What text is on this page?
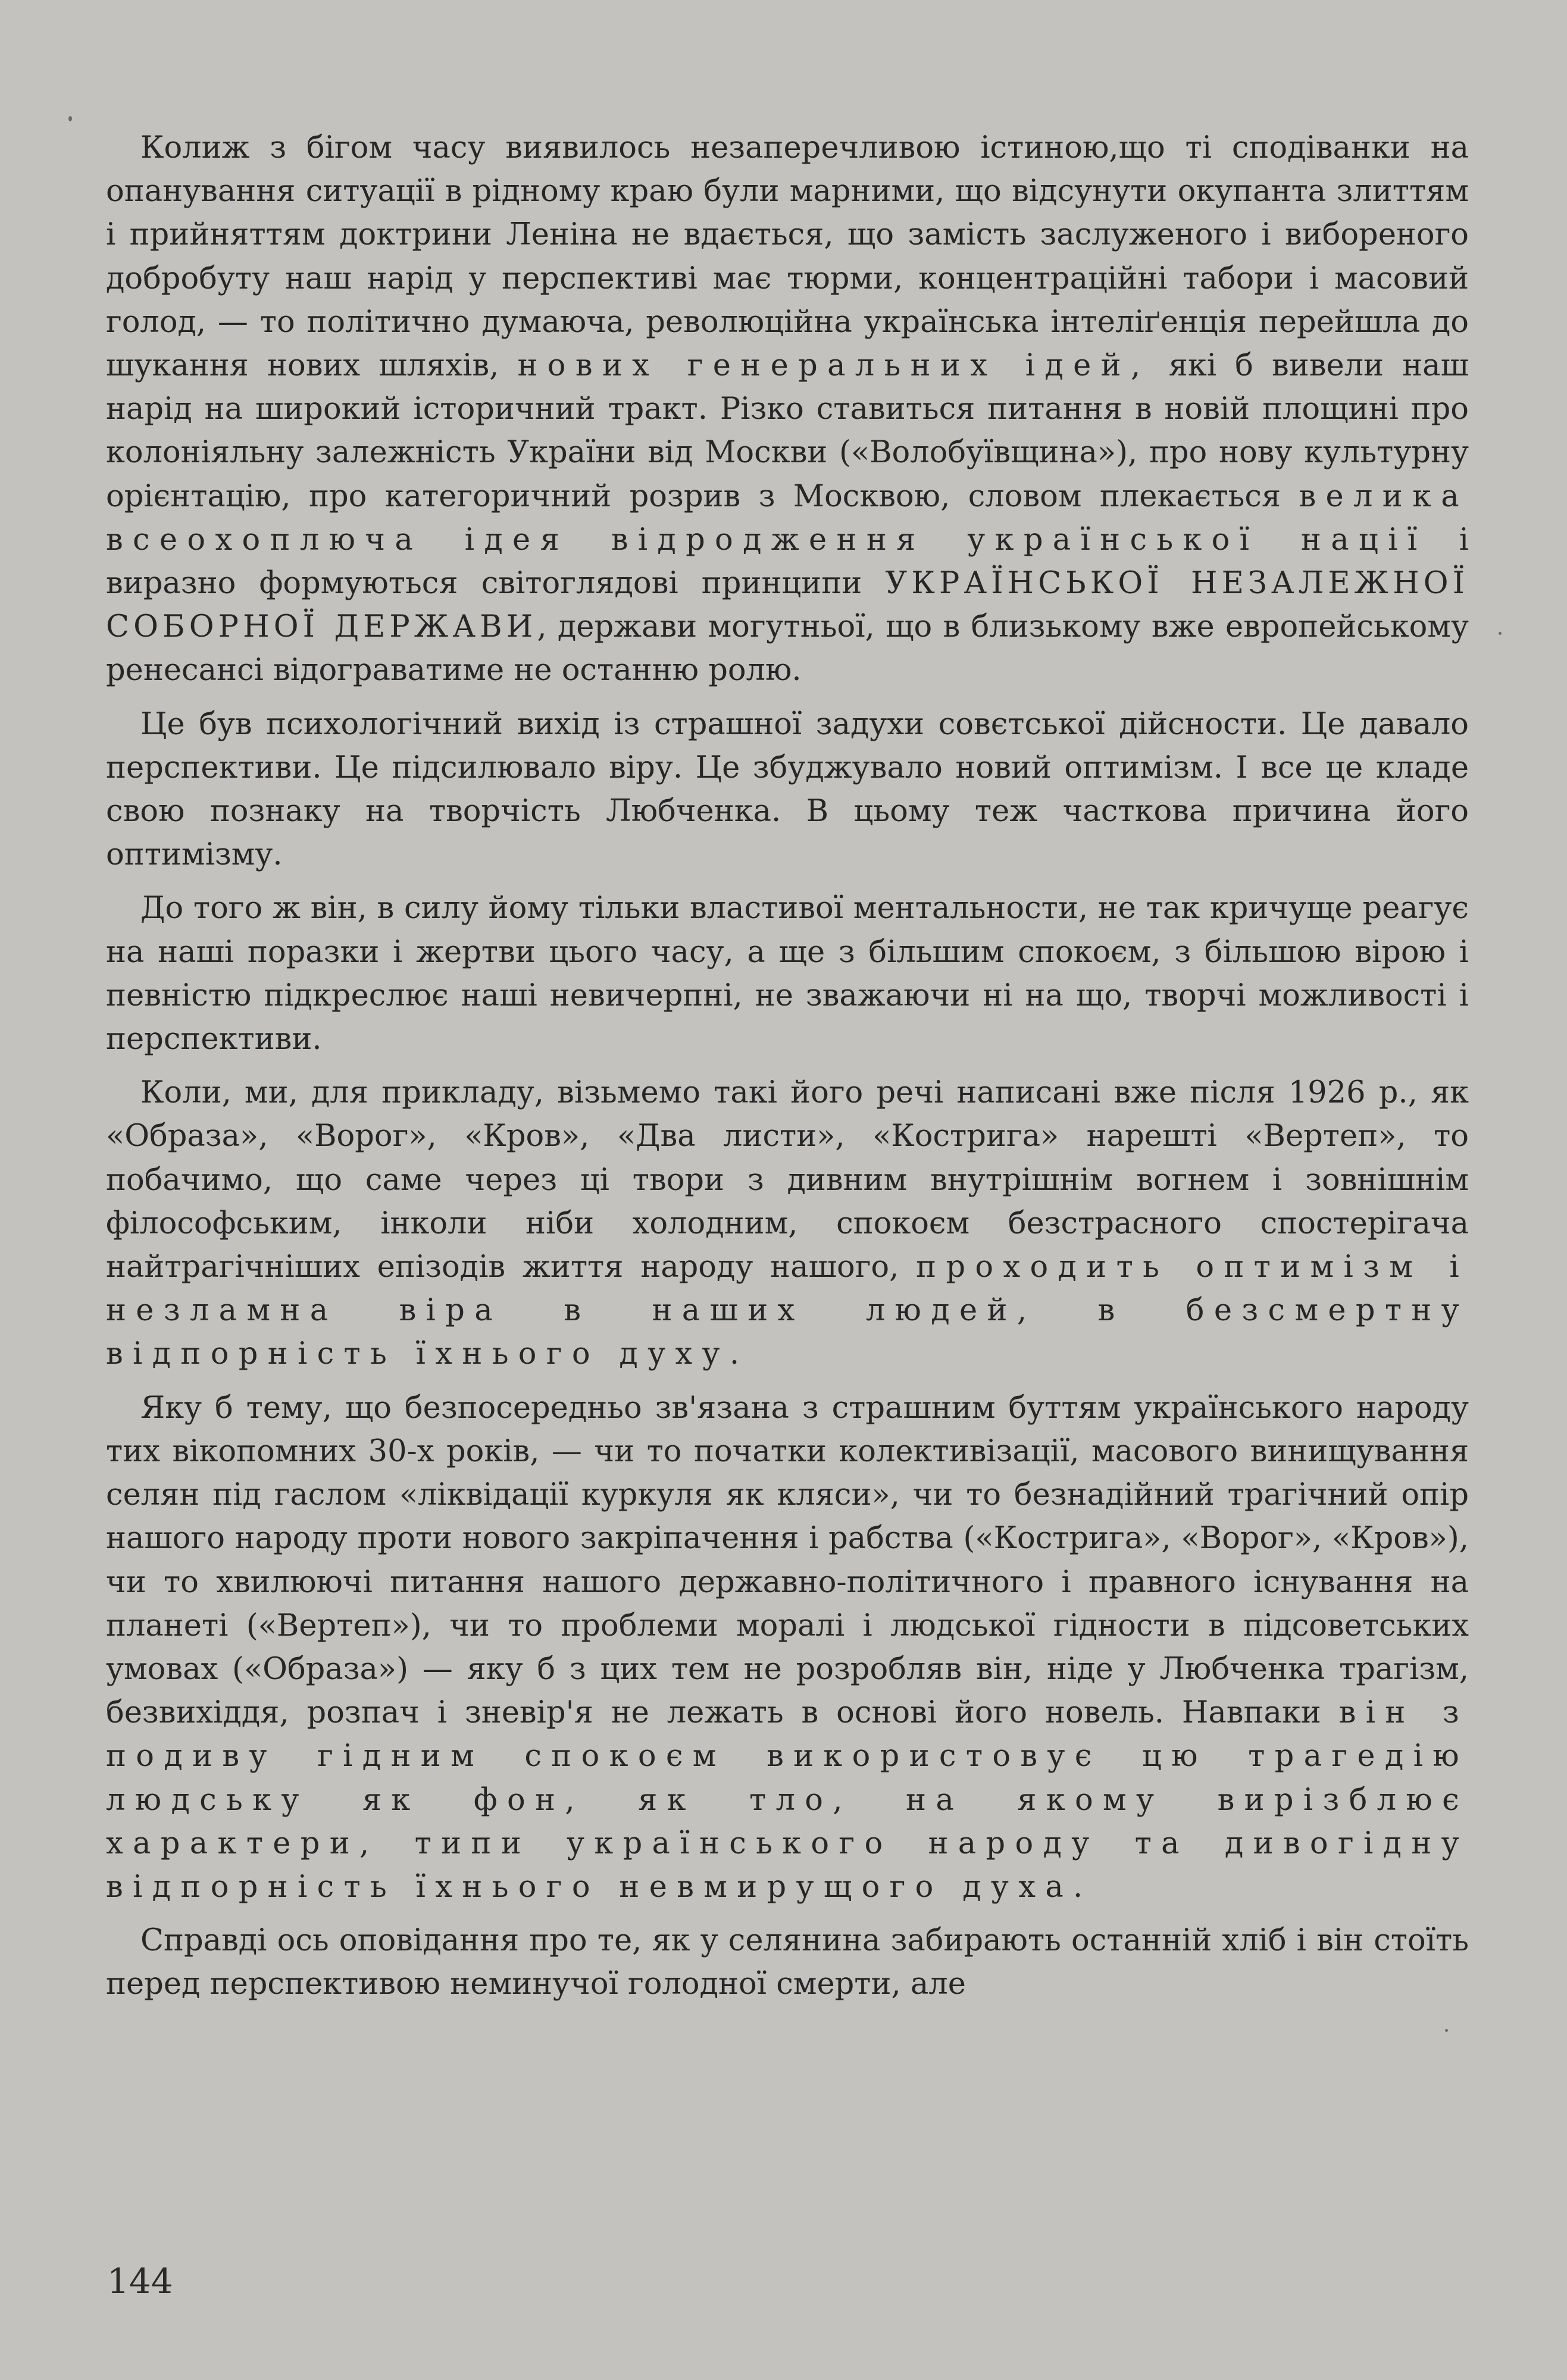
Колиж з бігом часу виявилось незаперечливою істиною,що ті сподіванки на опанування ситуації в рідному краю були марними, що відсунути окупанта злиттям і прийняттям доктрини Леніна не вдається, що замість заслуженого і вибореного добробуту наш нарід у перспективі має тюрми, концентраційні табори і масовий голод, — то політично думаюча, революційна українська інтеліґенція перейшла до шукання нових шляхів, нових генеральних ідей, які б вивели наш нарід на широкий історичний тракт. Різко ставиться питання в новій площині про колоніяльну залежність України від Москви («Волобуївщина»), про нову культурну орієнтацію, про категоричний розрив з Москвою, словом плекається велика всеохоплюча ідея відродження української нації і виразно формуються світоглядові принципи УКРАЇНСЬКОЇ НЕЗАЛЕЖНОЇ СОБОРНОЇ ДЕРЖАВИ, держави могутньої, що в близькому вже европейському ренесансі відограватиме не останню ролю.

Це був психологічний вихід із страшної задухи совєтської дійсности. Це давало перспективи. Це підсилювало віру. Це збуджувало новий оптимізм. І все це кладе свою познаку на творчість Любченка. В цьому теж часткова причина його оптимізму.

До того ж він, в силу йому тільки властивої ментальности, не так кричуще реагує на наші поразки і жертви цього часу, а ще з більшим спокоєм, з більшою вірою і певністю підкреслює наші невичерпні, не зважаючи ні на що, творчі можливості і перспективи.

Коли, ми, для прикладу, візьмемо такі його речі написані вже після 1926 р., як «Образа», «Ворог», «Кров», «Два листи», «Кострига» нарешті «Вертеп», то побачимо, що саме через ці твори з дивним внутрішнім вогнем і зовнішнім філософським, інколи ніби холодним, спокоєм безстрасного спостерігача найтрагічніших епізодів життя народу нашого, проходить оптимізм і незламна віра в наших людей, в безсмертну відпорність їхнього духу.

Яку б тему, що безпосередньо зв'язана з страшним буттям українського народу тих вікопомних 30-х років, — чи то початки колективізації, масового винищування селян під гаслом «ліквідації куркуля як кляси», чи то безнадійний трагічний опір нашого народу проти нового закріпачення і рабства («Кострига», «Ворог», «Кров»), чи то хвилюючі питання нашого державно-політичного і правного існування на планеті («Вертеп»), чи то проблеми моралі і людської гідности в підсоветських умовах («Образа») — яку б з цих тем не розробляв він, ніде у Любченка трагізм, безвихіддя, розпач і зневір'я не лежать в основі його новель. Навпаки він з подиву гідним спокоєм використовує цю трагедію людську як фон, як тло, на якому вирізблює характери, типи українського народу та дивогідну відпорність їхнього невмирущого духа.

Справді ось оповідання про те, як у селянина забирають останній хліб і він стоїть перед перспективою неминучої голодної смерти, але

144
